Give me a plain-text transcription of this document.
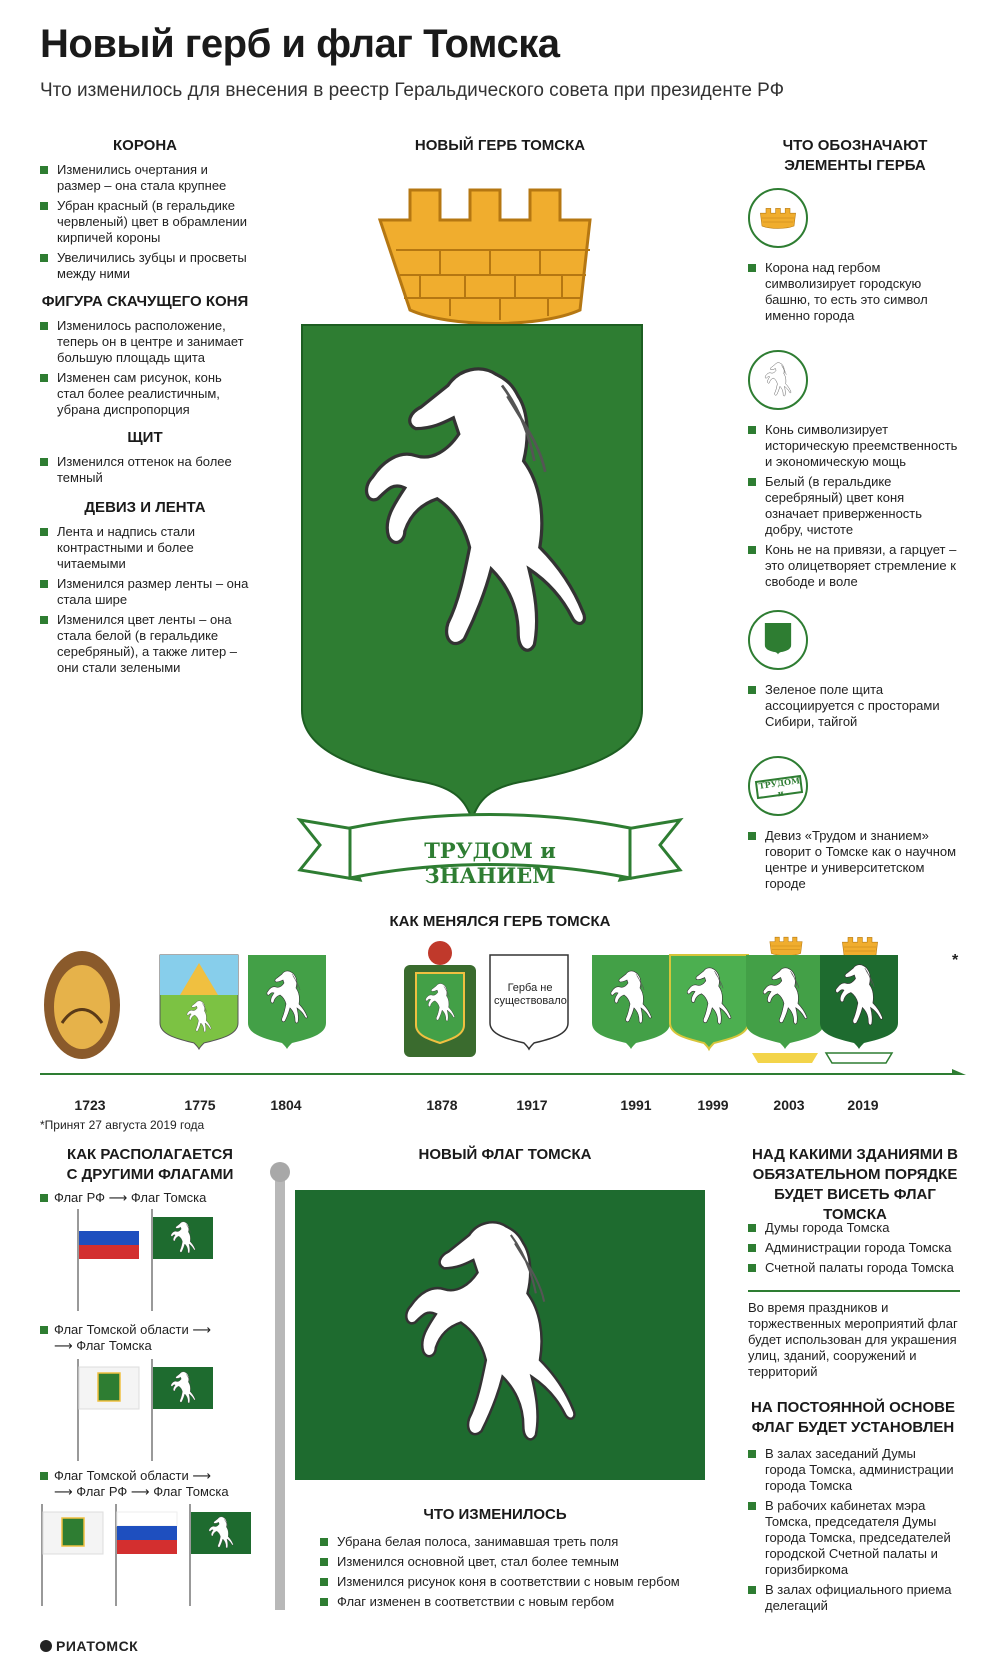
Новый герб и флаг Томска
Что изменилось для внесения в реестр Геральдического совета при президенте РФ
КОРОНА
Изменились очертания и размер – она стала крупнее
Убран красный (в геральдике червленый) цвет в обрамлении кирпичей короны
Увеличились зубцы и просветы между ними
ФИГУРА СКАЧУЩЕГО КОНЯ
Изменилось расположение, теперь он в центре и занимает большую площадь щита
Изменен сам рисунок, конь стал более реалистичным, убрана диспропорция
ЩИТ
Изменился оттенок на более темный
ДЕВИЗ И ЛЕНТА
Лента и надпись стали контрастными и более читаемыми
Изменился размер ленты – она стала шире
Изменился цвет ленты – она стала белой (в геральдике серебряный), а также литер – они стали зелеными
НОВЫЙ ГЕРБ ТОМСКА
ТРУДОМ и ЗНАНИЕМ
ЧТО ОБОЗНАЧАЮТ ЭЛЕМЕНТЫ ГЕРБА
Корона над гербом символизирует городскую башню, то есть это символ именно города
Конь символизирует историческую преемственность и экономическую мощь
Белый (в геральдике серебряный) цвет коня означает приверженность добру, чистоте
Конь не на привязи, а гарцует – это олицетворяет стремление к свободе и воле
Зеленое поле щита ассоциируется с просторами Сибири, тайгой
ТРУДОМ и
Девиз «Трудом и знанием» говорит о Томске как о научном центре и университетском городе
КАК МЕНЯЛСЯ ГЕРБ ТОМСКА
Герба не существовало
*
1723	1775	1804	1878	1917	1991	1999	2003	2019
*Принят 27 августа 2019 года
КАК РАСПОЛАГАЕТСЯ С ДРУГИМИ ФЛАГАМИ
Флаг РФ ⟶ Флаг Томска
Флаг Томской области ⟶
⟶ Флаг Томска
Флаг Томской области ⟶
⟶ Флаг РФ ⟶ Флаг Томска
НОВЫЙ ФЛАГ ТОМСКА
ЧТО ИЗМЕНИЛОСЬ
Убрана белая полоса, занимавшая треть поля
Изменился основной цвет, стал более темным
Изменился рисунок коня в соответствии с новым гербом
Флаг изменен в соответствии с новым гербом
НАД КАКИМИ ЗДАНИЯМИ В ОБЯЗАТЕЛЬНОМ ПОРЯДКЕ БУДЕТ ВИСЕТЬ ФЛАГ ТОМСКА
Думы города Томска
Администрации города Томска
Счетной палаты города Томска
Во время праздников и торжественных мероприятий флаг будет использован для украшения улиц, зданий, сооружений и территорий
НА ПОСТОЯННОЙ ОСНОВЕ ФЛАГ БУДЕТ УСТАНОВЛЕН
В залах заседаний Думы города Томска, администрации города Томска
В рабочих кабинетах мэра Томска, председателя Думы города Томска, председателей городской Счетной палаты и горизбиркома
В залах официального приема делегаций
РИАТОМСК
